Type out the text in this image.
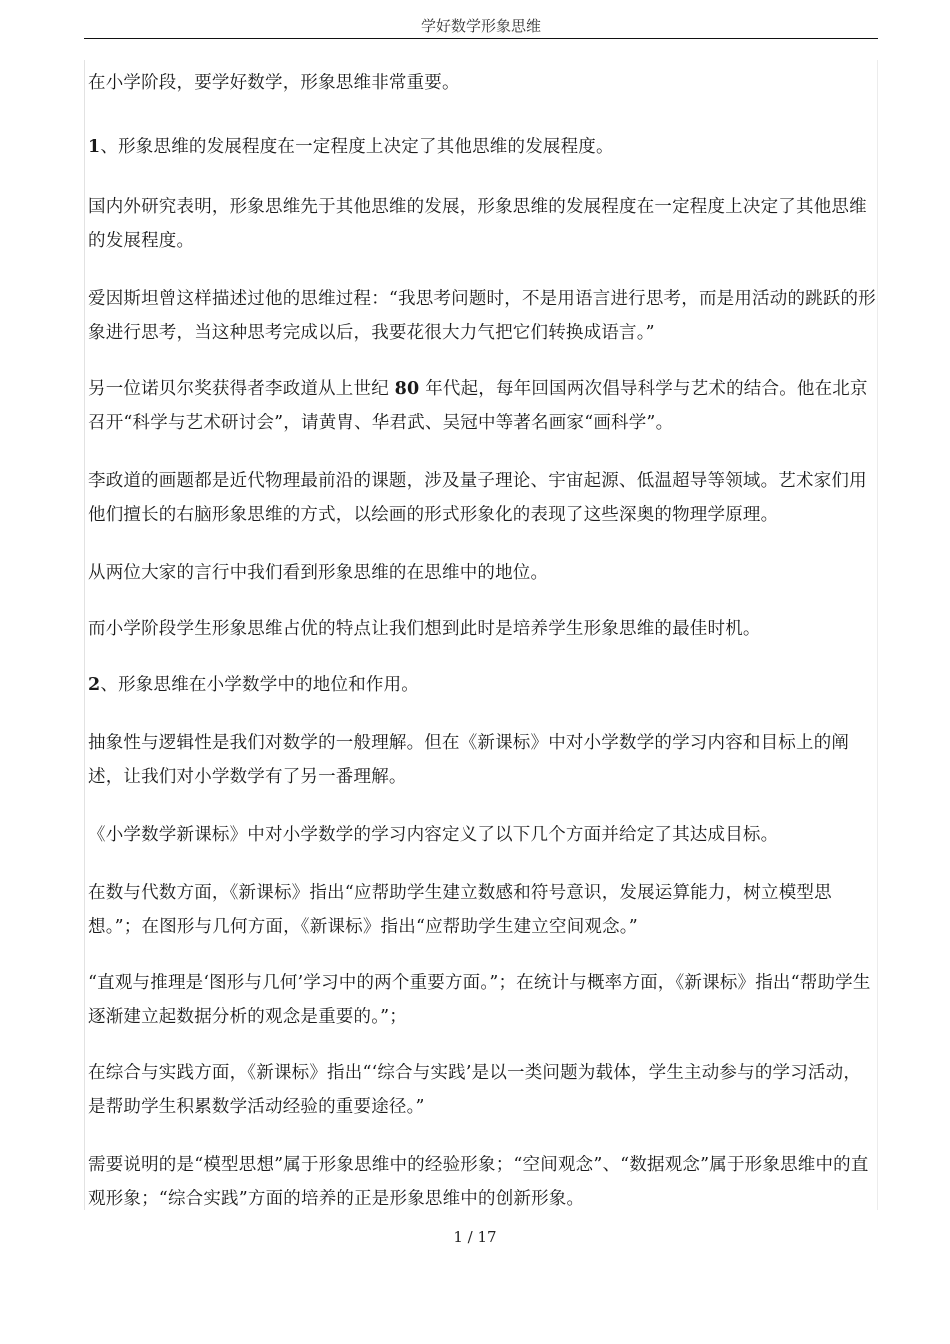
学好数学形象思维
在小学阶段，要学好数学，形象思维非常重要。
1、形象思维的发展程度在一定程度上决定了其他思维的发展程度。
国内外研究表明，形象思维先于其他思维的发展，形象思维的发展程度在一定程度上决定了其他思维的发展程度。
爱因斯坦曾这样描述过他的思维过程：“我思考问题时，不是用语言进行思考，而是用活动的跳跃的形象进行思考，当这种思考完成以后，我要花很大力气把它们转换成语言。”
另一位诺贝尔奖获得者李政道从上世纪 80 年代起，每年回国两次倡导科学与艺术的结合。他在北京召开“科学与艺术研讨会”，请黄胄、华君武、吴冠中等著名画家“画科学”。
李政道的画题都是近代物理最前沿的课题，涉及量子理论、宇宙起源、低温超导等领域。艺术家们用他们擅长的右脑形象思维的方式，以绘画的形式形象化的表现了这些深奥的物理学原理。
从两位大家的言行中我们看到形象思维的在思维中的地位。
而小学阶段学生形象思维占优的特点让我们想到此时是培养学生形象思维的最佳时机。
2、形象思维在小学数学中的地位和作用。
抽象性与逻辑性是我们对数学的一般理解。但在《新课标》中对小学数学的学习内容和目标上的阐述，让我们对小学数学有了另一番理解。
《小学数学新课标》中对小学数学的学习内容定义了以下几个方面并给定了其达成目标。
在数与代数方面，《新课标》指出“应帮助学生建立数感和符号意识，发展运算能力，树立模型思想。”；在图形与几何方面，《新课标》指出“应帮助学生建立空间观念。”
“直观与推理是‘图形与几何’学习中的两个重要方面。”；在统计与概率方面，《新课标》指出“帮助学生逐渐建立起数据分析的观念是重要的。”；
在综合与实践方面，《新课标》指出“‘综合与实践’是以一类问题为载体，学生主动参与的学习活动，是帮助学生积累数学活动经验的重要途径。”
需要说明的是“模型思想”属于形象思维中的经验形象；“空间观念”、“数据观念”属于形象思维中的直观形象；“综合实践”方面的培养的正是形象思维中的创新形象。
1 / 17
